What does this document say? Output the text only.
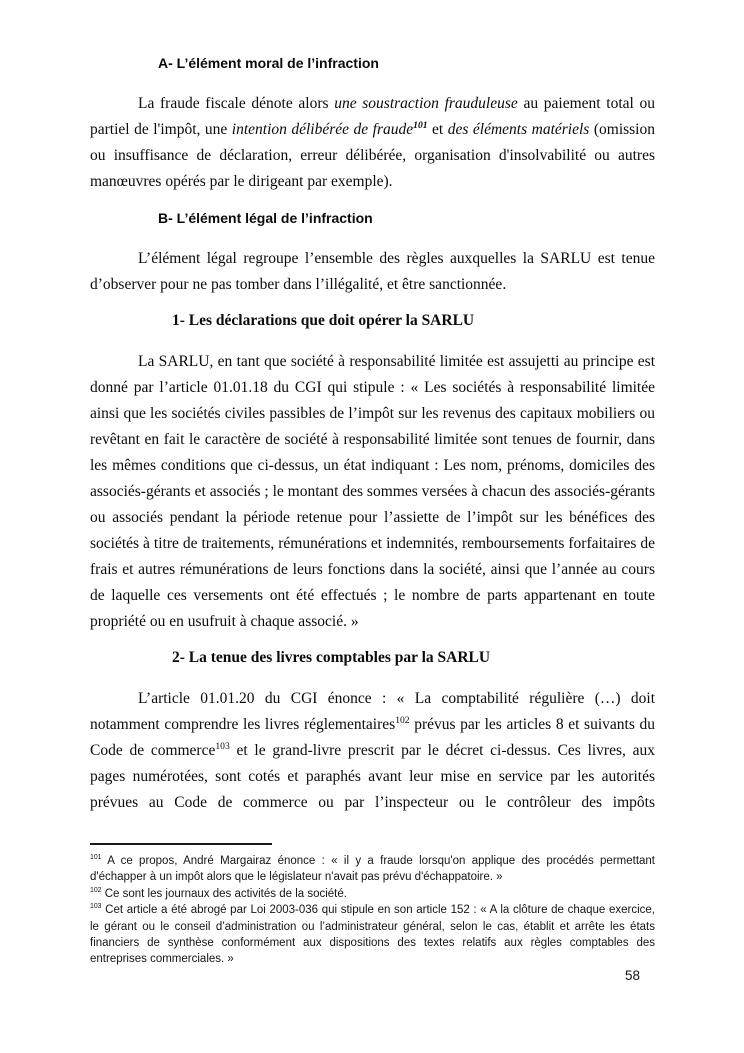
A- L’élément moral de l’infraction

La fraude fiscale dénote alors une soustraction frauduleuse au paiement total ou partiel de l'impôt, une intention délibérée de fraude$^{101}$ et des éléments matériels (omission ou insuffisance de déclaration, erreur délibérée, organisation d'insolvabilité ou autres manœuvres opérés par le dirigeant par exemple).

B- L’élément légal de l’infraction

L’élément légal regroupe l’ensemble des règles auxquelles la SARLU est tenue d’observer pour ne pas tomber dans l’illégalité, et être sanctionnée.

1- Les déclarations que doit opérer la SARLU

La SARLU, en tant que société à responsabilité limitée est assujetti au principe est donné par l’article 01.01.18 du CGI qui stipule : « Les sociétés à responsabilité limitée ainsi que les sociétés civiles passibles de l’impôt sur les revenus des capitaux mobiliers ou revêtant en fait le caractère de société à responsabilité limitée sont tenues de fournir, dans les mêmes conditions que ci-dessus, un état indiquant : Les nom, prénoms, domiciles des associés-gérants et associés ; le montant des sommes versées à chacun des associés-gérants ou associés pendant la période retenue pour l’assiette de l’impôt sur les bénéfices des sociétés à titre de traitements, rémunérations et indemnités, remboursements forfaitaires de frais et autres rémunérations de leurs fonctions dans la société, ainsi que l’année au cours de laquelle ces versements ont été effectués ; le nombre de parts appartenant en toute propriété ou en usufruit à chaque associé. »

2- La tenue des livres comptables par la SARLU

L’article 01.01.20 du CGI énonce : « La comptabilité régulière (…) doit notamment comprendre les livres réglementaires$^{102}$ prévus par les articles 8 et suivants du Code de commerce$^{103}$ et le grand-livre prescrit par le décret ci-dessus. Ces livres, aux pages numérotées, sont cotés et paraphés avant leur mise en service par les autorités prévues au Code de commerce ou par l’inspecteur ou le contrôleur des impôts

$^{101}$ A ce propos, André Margairaz énonce : « il y a fraude lorsqu'on applique des procédés permettant d'échapper à un impôt alors que le législateur n'avait pas prévu d'échappatoire. »
$^{102}$ Ce sont les journaux des activités de la société.
$^{103}$ Cet article a été abrogé par Loi 2003-036 qui stipule en son article 152 : « A la clôture de chaque exercice, le gérant ou le conseil d’administration ou l’administrateur général, selon le cas, établit et arrête les états financiers de synthèse conformément aux dispositions des textes relatifs aux règles comptables des entreprises commerciales. »
58
